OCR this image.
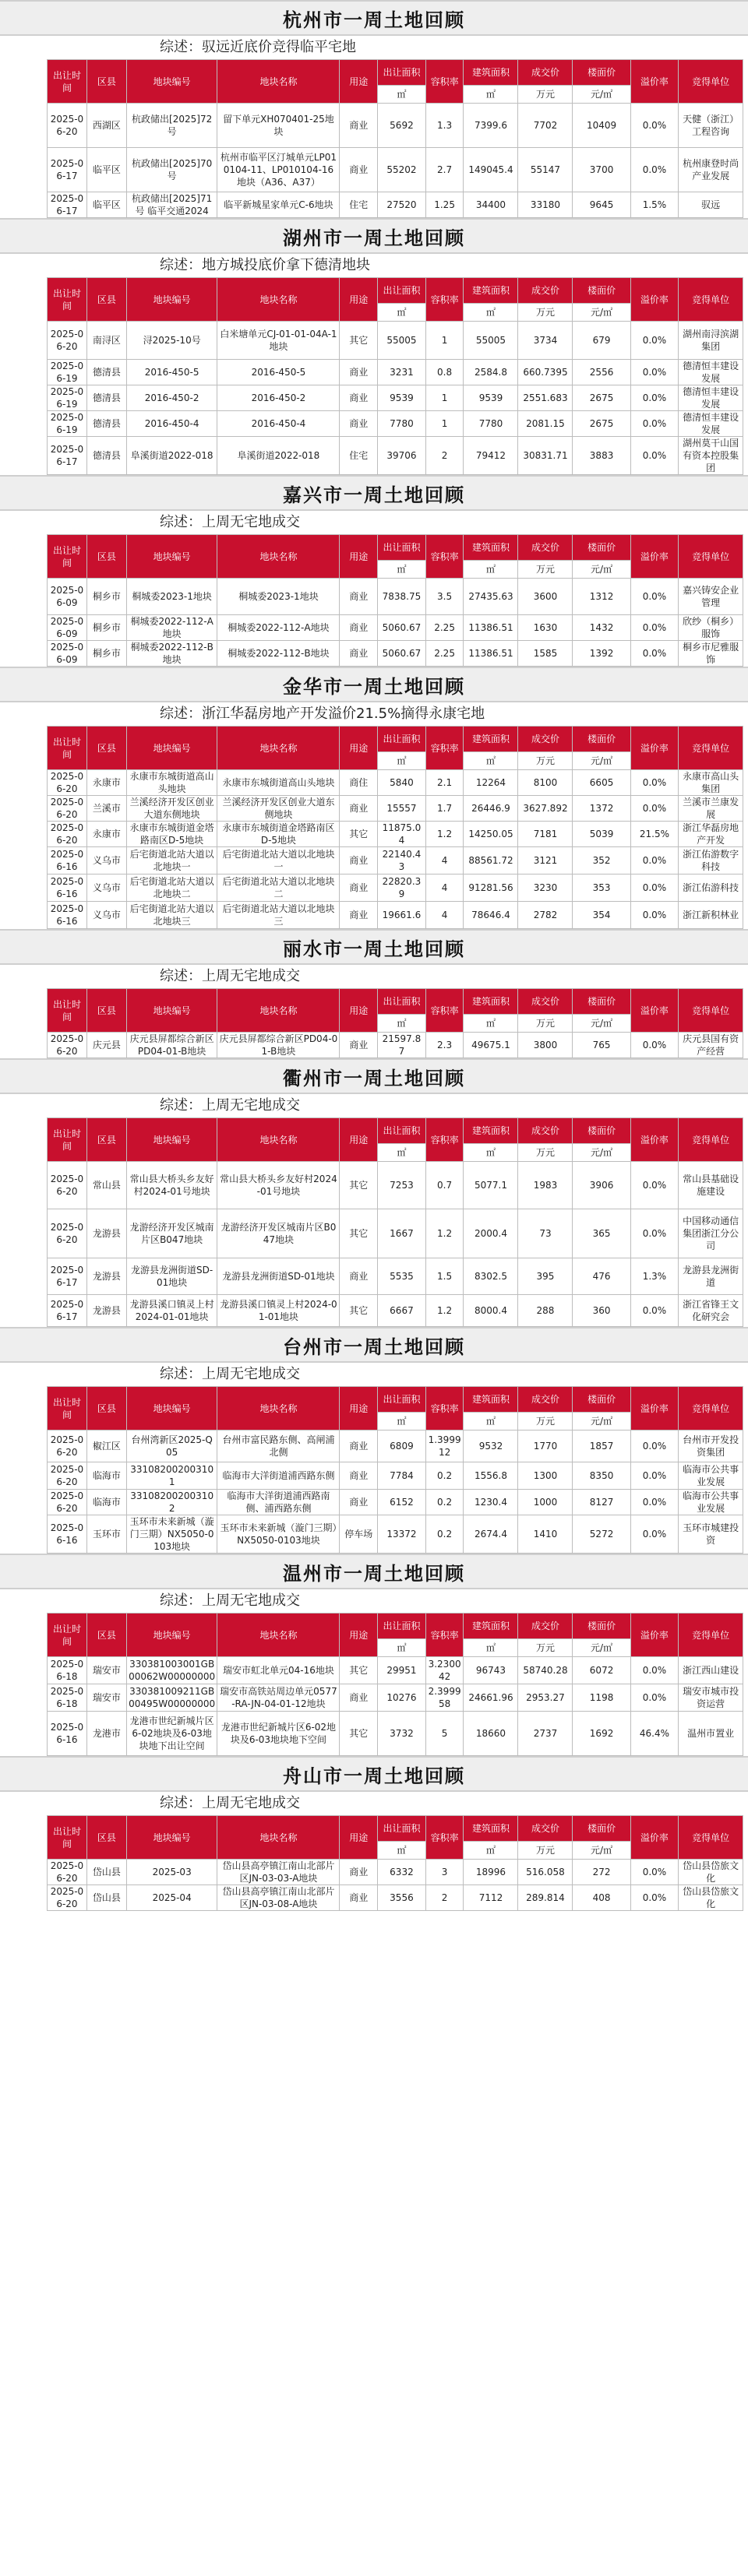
杭州市一周土地回顾
综述：驭远近底价竞得临平宅地
出让时间	区县	地块编号	地块名称	用途	出让面积	容积率	建筑面积	成交价	楼面价	溢价率	竞得单位
					㎡		㎡	万元	元/㎡		
2025-06-20	西湖区	杭政储出[2025]72号	留下单元XH070401-25地块	商业	5692	1.3	7399.6	7702	10409	0.0%	天健（浙江）工程咨询
2025-06-17	临平区	杭政储出[2025]70号	杭州市临平区汀城单元LP010104-11、LP010104-16地块（A36、A37）	商业	55202	2.7	149045.4	55147	3700	0.0%	杭州康登时尚产业发展
2025-06-17	临平区	杭政储出[2025]71号 临平交通2024	临平新城星家单元C-6地块	住宅	27520	1.25	34400	33180	9645	1.5%	驭远
湖州市一周土地回顾
综述：地方城投底价拿下德清地块
出让时间	区县	地块编号	地块名称	用途	出让面积	容积率	建筑面积	成交价	楼面价	溢价率	竞得单位
					㎡		㎡	万元	元/㎡		
2025-06-20	南浔区	浔2025-10号	白米塘单元CJ-01-01-04A-1地块	其它	55005	1	55005	3734	679	0.0%	湖州南浔滨湖集团
2025-06-19	德清县	2016-450-5	2016-450-5	商业	3231	0.8	2584.8	660.7395	2556	0.0%	德清恒丰建设发展
2025-06-19	德清县	2016-450-2	2016-450-2	商业	9539	1	9539	2551.683	2675	0.0%	德清恒丰建设发展
2025-06-19	德清县	2016-450-4	2016-450-4	商业	7780	1	7780	2081.15	2675	0.0%	德清恒丰建设发展
2025-06-17	德清县	阜溪街道2022-018	阜溪街道2022-018	住宅	39706	2	79412	30831.71	3883	0.0%	湖州莫干山国有资本控股集团
嘉兴市一周土地回顾
综述：上周无宅地成交
出让时间	区县	地块编号	地块名称	用途	出让面积	容积率	建筑面积	成交价	楼面价	溢价率	竞得单位
					㎡		㎡	万元	元/㎡		
2025-06-09	桐乡市	桐城委2023-1地块	桐城委2023-1地块	商业	7838.75	3.5	27435.63	3600	1312	0.0%	嘉兴铸安企业管理
2025-06-09	桐乡市	桐城委2022-112-A地块	桐城委2022-112-A地块	商业	5060.67	2.25	11386.51	1630	1432	0.0%	欣纱（桐乡）服饰
2025-06-09	桐乡市	桐城委2022-112-B地块	桐城委2022-112-B地块	商业	5060.67	2.25	11386.51	1585	1392	0.0%	桐乡市尼雅服饰
金华市一周土地回顾
综述：浙江华磊房地产开发溢价21.5%摘得永康宅地
出让时间	区县	地块编号	地块名称	用途	出让面积	容积率	建筑面积	成交价	楼面价	溢价率	竞得单位
					㎡		㎡	万元	元/㎡		
2025-06-20	永康市	永康市东城街道高山头地块	永康市东城街道高山头地块	商住	5840	2.1	12264	8100	6605	0.0%	永康市高山头集团
2025-06-20	兰溪市	兰溪经济开发区创业大道东侧地块	兰溪经济开发区创业大道东侧地块	商业	15557	1.7	26446.9	3627.892	1372	0.0%	兰溪市兰康发展
2025-06-20	永康市	永康市东城街道金塔路南区D-5地块	永康市东城街道金塔路南区D-5地块	其它	11875.04	1.2	14250.05	7181	5039	21.5%	浙江华磊房地产开发
2025-06-16	义乌市	后宅街道北站大道以北地块一	后宅街道北站大道以北地块一	商业	22140.43	4	88561.72	3121	352	0.0%	浙江佑游数字科技
2025-06-16	义乌市	后宅街道北站大道以北地块二	后宅街道北站大道以北地块二	商业	22820.39	4	91281.56	3230	353	0.0%	浙江佑游科技
2025-06-16	义乌市	后宅街道北站大道以北地块三	后宅街道北站大道以北地块三	商业	19661.6	4	78646.4	2782	354	0.0%	浙江新积林业
丽水市一周土地回顾
综述：上周无宅地成交
出让时间	区县	地块编号	地块名称	用途	出让面积	容积率	建筑面积	成交价	楼面价	溢价率	竞得单位
					㎡		㎡	万元	元/㎡		
2025-06-20	庆元县	庆元县屏都综合新区PD04-01-B地块	庆元县屏都综合新区PD04-01-B地块	商业	21597.87	2.3	49675.1	3800	765	0.0%	庆元县国有资产经营
衢州市一周土地回顾
综述：上周无宅地成交
出让时间	区县	地块编号	地块名称	用途	出让面积	容积率	建筑面积	成交价	楼面价	溢价率	竞得单位
					㎡		㎡	万元	元/㎡		
2025-06-20	常山县	常山县大桥头乡友好村2024-01号地块	常山县大桥头乡友好村2024-01号地块	其它	7253	0.7	5077.1	1983	3906	0.0%	常山县基础设施建设
2025-06-20	龙游县	龙游经济开发区城南片区B047地块	龙游经济开发区城南片区B047地块	其它	1667	1.2	2000.4	73	365	0.0%	中国移动通信集团浙江分公司
2025-06-17	龙游县	龙游县龙洲街道SD-01地块	龙游县龙洲街道SD-01地块	商业	5535	1.5	8302.5	395	476	1.3%	龙游县龙洲街道
2025-06-17	龙游县	龙游县溪口镇灵上村2024-01-01地块	龙游县溪口镇灵上村2024-01-01地块	其它	6667	1.2	8000.4	288	360	0.0%	浙江省锋王文化研究会
台州市一周土地回顾
综述：上周无宅地成交
出让时间	区县	地块编号	地块名称	用途	出让面积	容积率	建筑面积	成交价	楼面价	溢价率	竞得单位
					㎡		㎡	万元	元/㎡		
2025-06-20	椒江区	台州湾新区2025-Q05	台州市富民路东侧、高闸浦北侧	商业	6809	1.3999 12	9532	1770	1857	0.0%	台州市开发投资集团
2025-06-20	临海市	331082002003101	临海市大洋街道浦西路东侧	商业	7784	0.2	1556.8	1300	8350	0.0%	临海市公共事业发展
2025-06-20	临海市	331082002003102	临海市大洋街道浦西路南侧、浦西路东侧	商业	6152	0.2	1230.4	1000	8127	0.0%	临海市公共事业发展
2025-06-16	玉环市	玉环市未来新城（漩门三期）NX5050-0103地块	玉环市未来新城（漩门三期）NX5050-0103地块	停车场	13372	0.2	2674.4	1410	5272	0.0%	玉环市城建投资
温州市一周土地回顾
综述：上周无宅地成交
出让时间	区县	地块编号	地块名称	用途	出让面积	容积率	建筑面积	成交价	楼面价	溢价率	竞得单位
					㎡		㎡	万元	元/㎡		
2025-06-18	瑞安市	330381003001GB00062W00000000	瑞安市虹北单元04-16地块	其它	29951	3.2300 42	96743	58740.28	6072	0.0%	浙江西山建设
2025-06-18	瑞安市	330381009211GB00495W00000000	瑞安市高铁站周边单元0577-RA-JN-04-01-12地块	商业	10276	2.3999 58	24661.96	2953.27	1198	0.0%	瑞安市城市投资运营
2025-06-16	龙港市	龙港市世纪新城片区6-02地块及6-03地块地下出让空间	龙港市世纪新城片区6-02地块及6-03地块地下空间	其它	3732	5	18660	2737	1692	46.4%	温州市置业
舟山市一周土地回顾
综述：上周无宅地成交
出让时间	区县	地块编号	地块名称	用途	出让面积	容积率	建筑面积	成交价	楼面价	溢价率	竞得单位
					㎡		㎡	万元	元/㎡		
2025-06-20	岱山县	2025-03	岱山县高亭镇江南山北部片区JN-03-03-A地块	商业	6332	3	18996	516.058	272	0.0%	岱山县岱旅文化
2025-06-20	岱山县	2025-04	岱山县高亭镇江南山北部片区JN-03-08-A地块	商业	3556	2	7112	289.814	408	0.0%	岱山县岱旅文化
